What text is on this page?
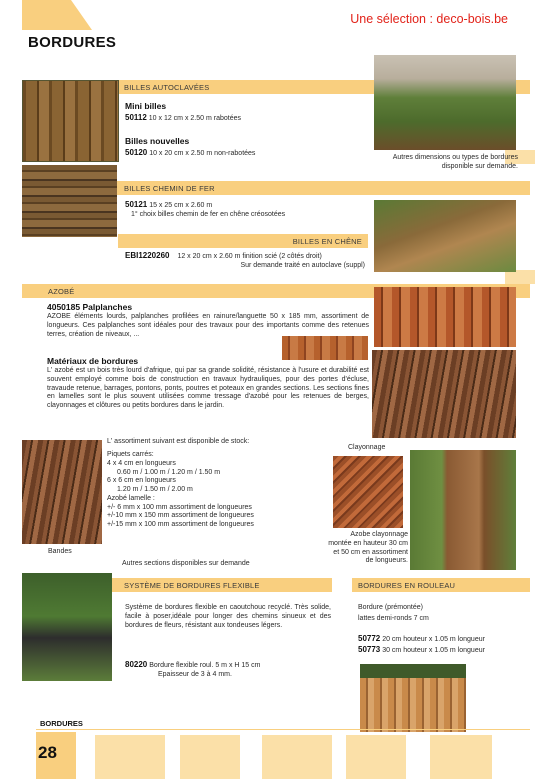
BORDURES
Une sélection : deco-bois.be
BILLES AUTOCLAVÉES
Mini billes
50112 10 x 12 cm x 2.50 m rabotées
Billes nouvelles
50120 10 x 20 cm x 2.50 m non-rabotées
Autres dimensions ou types de bordures disponible sur demande.
BILLES CHEMIN DE FER
50121 15 x 25 cm x 2.60 m
1° choix billes chemin de fer en chêne créosotées
BILLES EN CHÊNE
EBI1220260 12 x 20 cm x 2.60 m finition scié (2 côtés droit)
Sur demande traité en autoclave (suppl)
AZOBÉ
4050185 Palplanches
AZOBE éléments lourds, palplanches profilées en rainure/languette 50 x 185 mm, assortiment de longueurs. Ces palplanches sont idéales pour des travaux pour des importants comme des retenues terres, création de niveaux, ...
Matériaux de bordures
L' azobé est un bois très lourd d'afrique, qui par sa grande solidité, résistance à l'usure et durabilité est souvent employé comme bois de construction en travaux hydrauliques, pour des portes d'écluse, travaude retenue, barrages, pontons, ponts, poutres et poteaux en grandes sections. Les sections fines en lamelles sont le plus souvent utilisées comme tressage d'azobé pour les retenues de berges, clayonnages et clôtures ou petits bordures dans le jardin.
L' assortiment suivant est disponible de stock:
Bandes
Piquets carrés:
4 x 4 cm en longueurs
0.60 m / 1.00 m / 1.20 m / 1.50 m
6 x 6 cm en longueurs
1.20 m / 1.50 m / 2.00 m
Azobé lamelle :
+/- 6 mm x 100 mm assortiment de longueures
+/-10 mm x 150 mm assortiment de longueures
+/-15 mm x 100 mm assortiment de longueures
Autres sections disponibles sur demande
Clayonnage
Azobe clayonnage montée en hauteur 30 cm et 50 cm en assortiment de longueurs.
SYSTÈME DE BORDURES FLEXIBLE
Système de bordures flexible en caoutchouc recyclé. Très solide, facile à poser,idéale pour longer des chemins sinueux et des bordures de fleurs, résistant aux tondeuses légers.
80220 Bordure flexible roul. 5 m x H 15 cm
Epaisseur de 3 à 4 mm.
BORDURES EN ROULEAU
Bordure (prémontée)
lattes demi-ronds 7 cm
50772 20 cm houteur x 1.05 m longueur
50773 30 cm houteur x 1.05 m longueur
BORDURES
28
